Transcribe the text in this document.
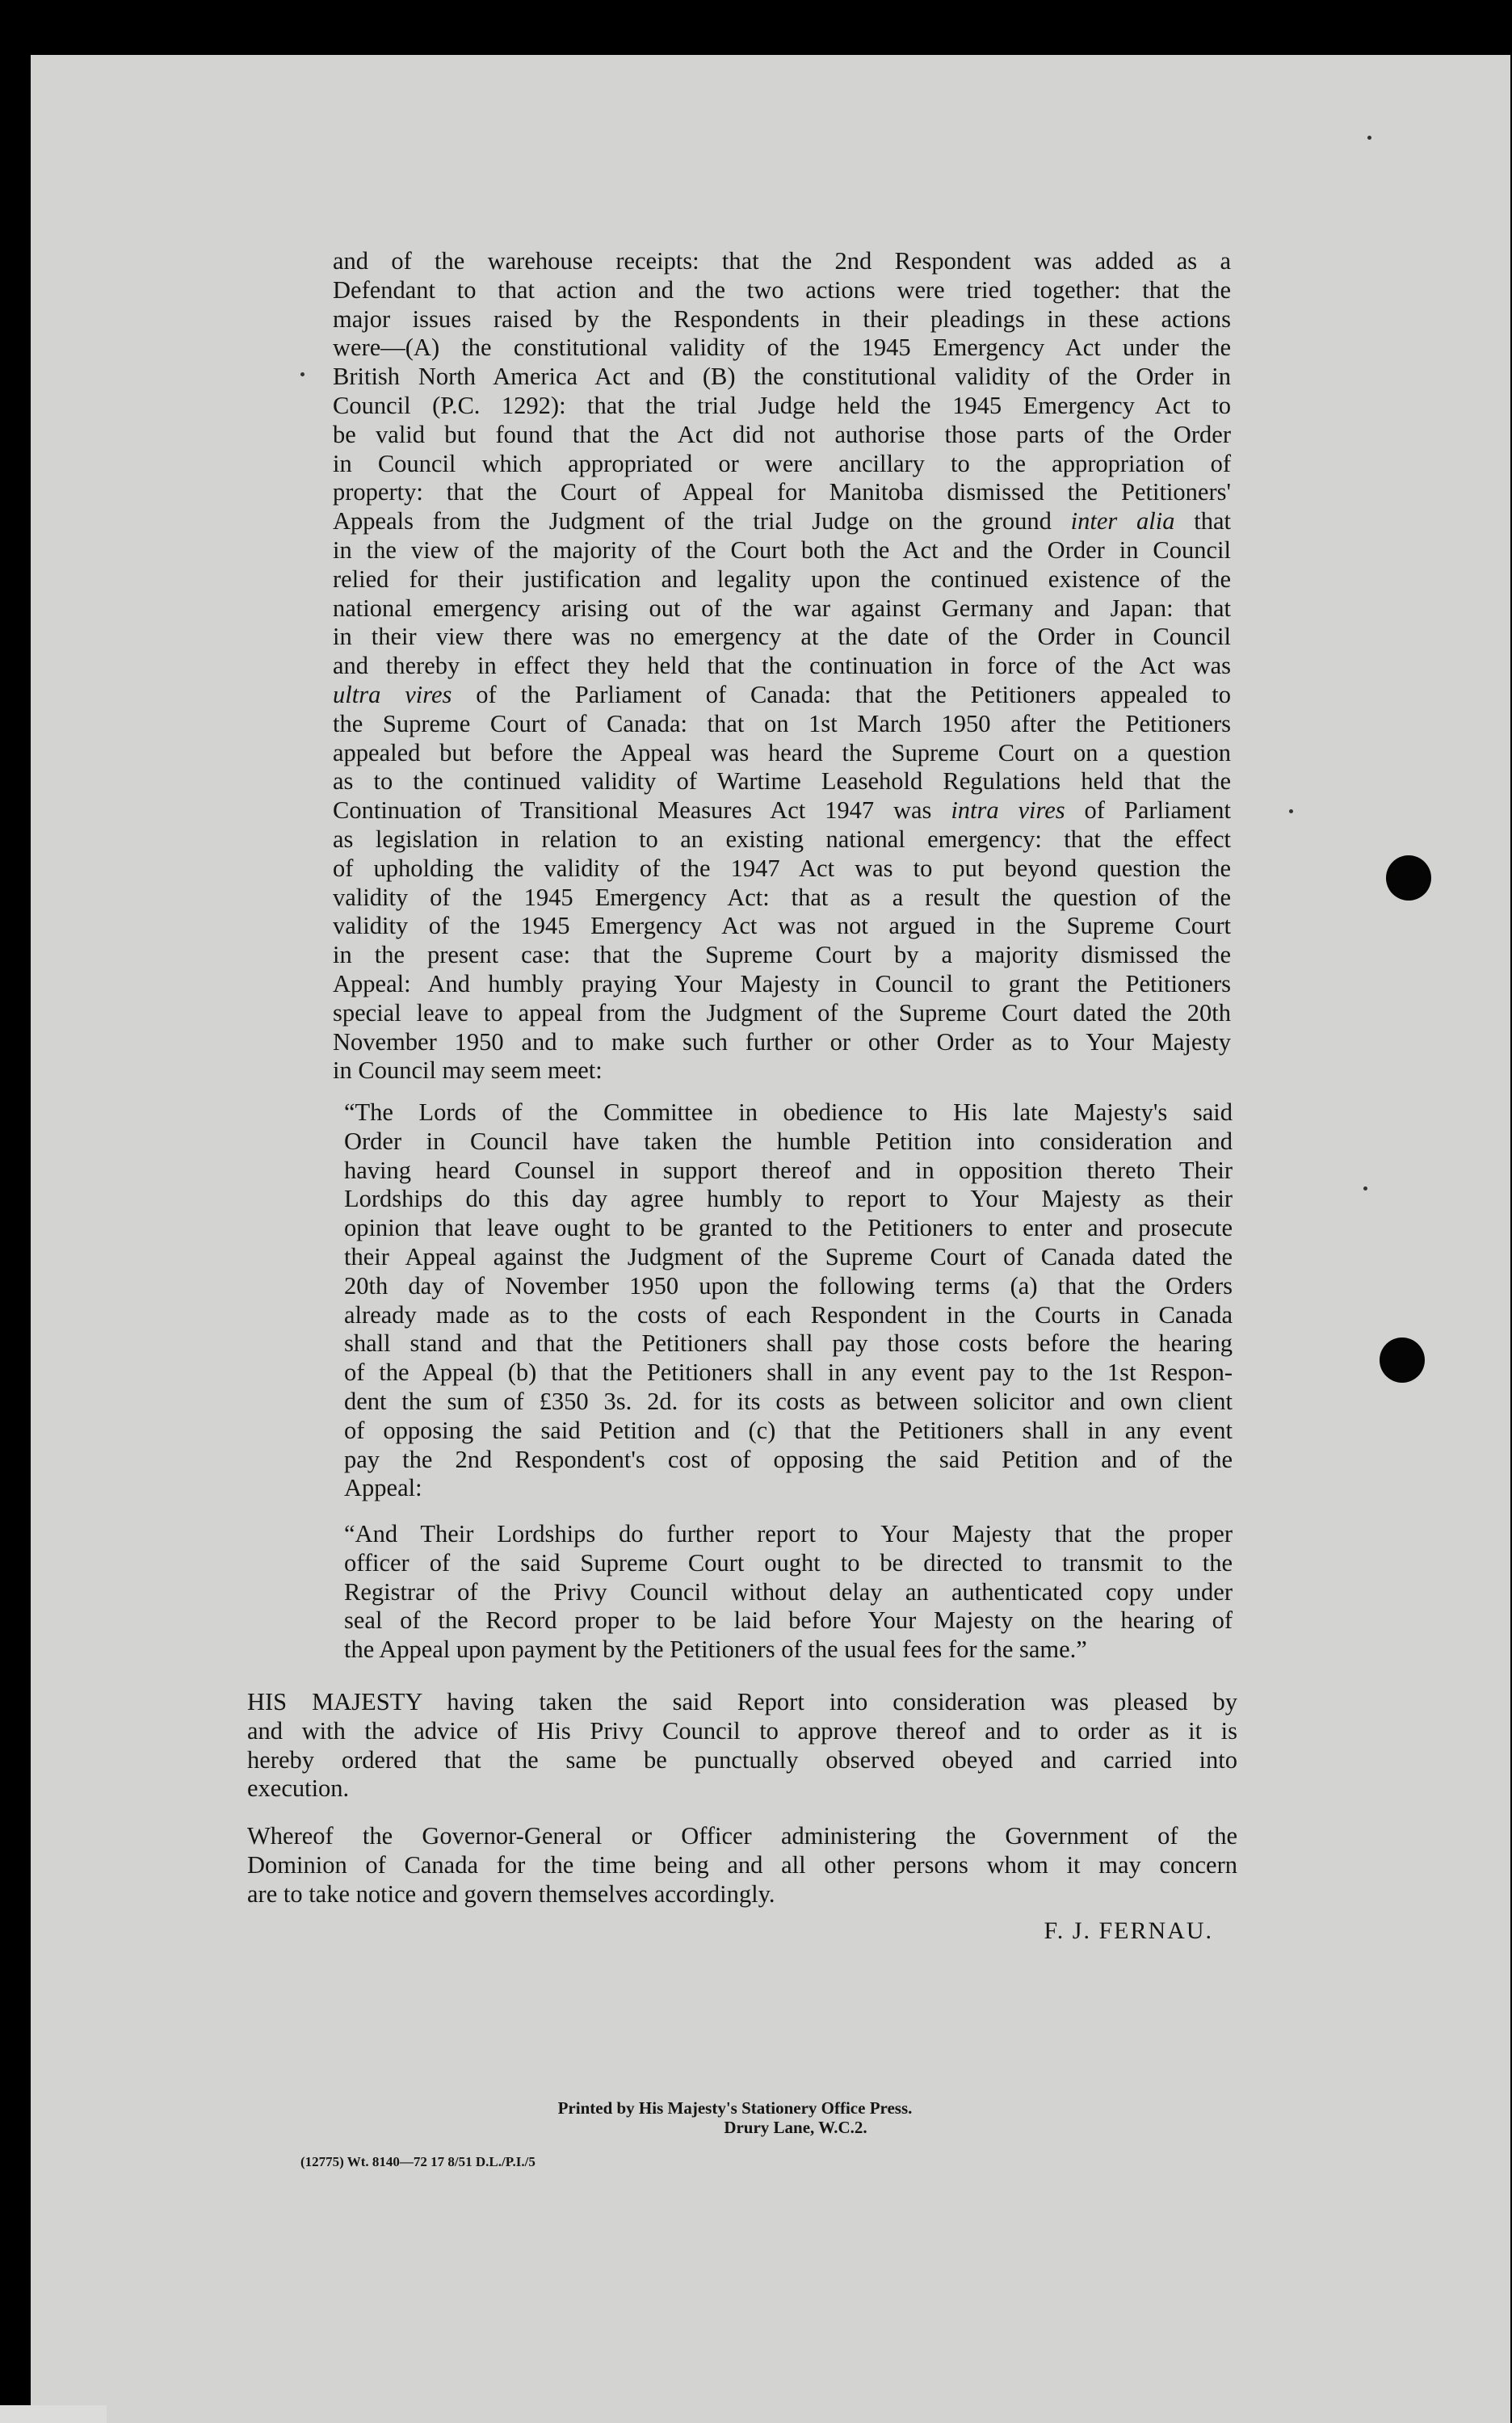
and of the warehouse receipts: that the 2nd Respondent was added as a
Defendant to that action and the two actions were tried together: that the
major issues raised by the Respondents in their pleadings in these actions
were—(A) the constitutional validity of the 1945 Emergency Act under the
British North America Act and (B) the constitutional validity of the Order in
Council (P.C. 1292): that the trial Judge held the 1945 Emergency Act to
be valid but found that the Act did not authorise those parts of the Order
in Council which appropriated or were ancillary to the appropriation of
property: that the Court of Appeal for Manitoba dismissed the Petitioners'
Appeals from the Judgment of the trial Judge on the ground inter alia that
in the view of the majority of the Court both the Act and the Order in Council
relied for their justification and legality upon the continued existence of the
national emergency arising out of the war against Germany and Japan: that
in their view there was no emergency at the date of the Order in Council
and thereby in effect they held that the continuation in force of the Act was
ultra vires of the Parliament of Canada: that the Petitioners appealed to
the Supreme Court of Canada: that on 1st March 1950 after the Petitioners
appealed but before the Appeal was heard the Supreme Court on a question
as to the continued validity of Wartime Leasehold Regulations held that the
Continuation of Transitional Measures Act 1947 was intra vires of Parliament
as legislation in relation to an existing national emergency: that the effect
of upholding the validity of the 1947 Act was to put beyond question the
validity of the 1945 Emergency Act: that as a result the question of the
validity of the 1945 Emergency Act was not argued in the Supreme Court
in the present case: that the Supreme Court by a majority dismissed the
Appeal: And humbly praying Your Majesty in Council to grant the Petitioners
special leave to appeal from the Judgment of the Supreme Court dated the 20th
November 1950 and to make such further or other Order as to Your Majesty
in Council may seem meet:
“The Lords of the Committee in obedience to His late Majesty's said
Order in Council have taken the humble Petition into consideration and
having heard Counsel in support thereof and in opposition thereto Their
Lordships do this day agree humbly to report to Your Majesty as their
opinion that leave ought to be granted to the Petitioners to enter and prosecute
their Appeal against the Judgment of the Supreme Court of Canada dated the
20th day of November 1950 upon the following terms (a) that the Orders
already made as to the costs of each Respondent in the Courts in Canada
shall stand and that the Petitioners shall pay those costs before the hearing
of the Appeal (b) that the Petitioners shall in any event pay to the 1st Respon-
dent the sum of £350 3s. 2d. for its costs as between solicitor and own client
of opposing the said Petition and (c) that the Petitioners shall in any event
pay the 2nd Respondent's cost of opposing the said Petition and of the
Appeal:
“And Their Lordships do further report to Your Majesty that the proper
officer of the said Supreme Court ought to be directed to transmit to the
Registrar of the Privy Council without delay an authenticated copy under
seal of the Record proper to be laid before Your Majesty on the hearing of
the Appeal upon payment by the Petitioners of the usual fees for the same.”
HIS MAJESTY having taken the said Report into consideration was pleased by
and with the advice of His Privy Council to approve thereof and to order as it is
hereby ordered that the same be punctually observed obeyed and carried into
execution.
Whereof the Governor-General or Officer administering the Government of the
Dominion of Canada for the time being and all other persons whom it may concern
are to take notice and govern themselves accordingly.
F. J. FERNAU.
Printed by His Majesty's Stationery Office Press.
Drury Lane, W.C.2.
(12775) Wt. 8140—72 17 8/51 D.L./P.I./5
